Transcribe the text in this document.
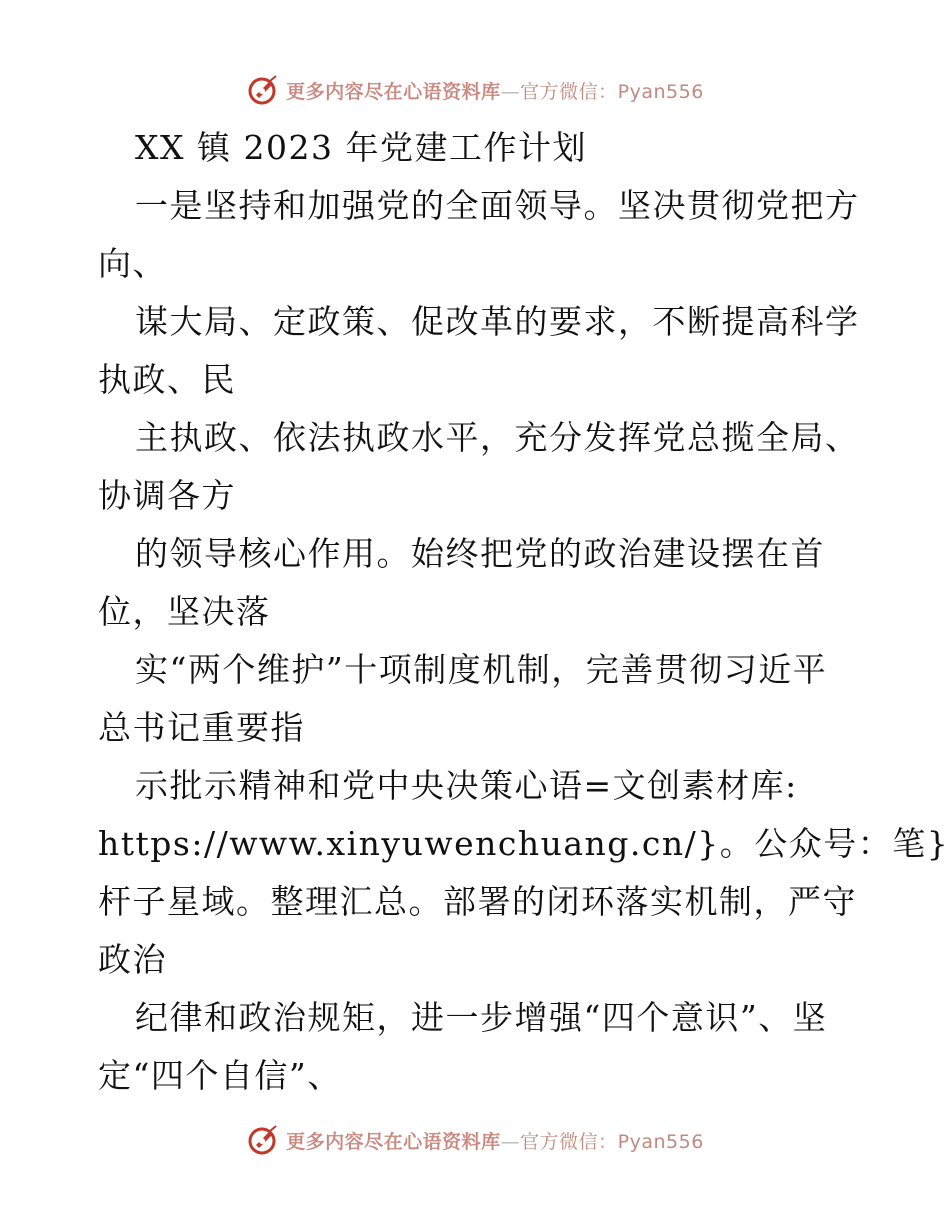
更多内容尽在心语资料库—官方微信：Pyan556
XX 镇 2023 年党建工作计划
一是坚持和加强党的全面领导。坚决贯彻党把方
向、
谋大局、定政策、促改革的要求，不断提高科学
执政、民
主执政、依法执政水平，充分发挥党总揽全局、
协调各方
的领导核心作用。始终把党的政治建设摆在首
位，坚决落
实“两个维护”十项制度机制，完善贯彻习近平
总书记重要指
示批示精神和党中央决策心语=文创素材库:
https://www.xinyuwenchuang.cn/}。公众号：笔}
杆子星域。整理汇总。部署的闭环落实机制，严守
政治
纪律和政治规矩，进一步增强“四个意识”、坚
定“四个自信”、
更多内容尽在心语资料库—官方微信：Pyan556
